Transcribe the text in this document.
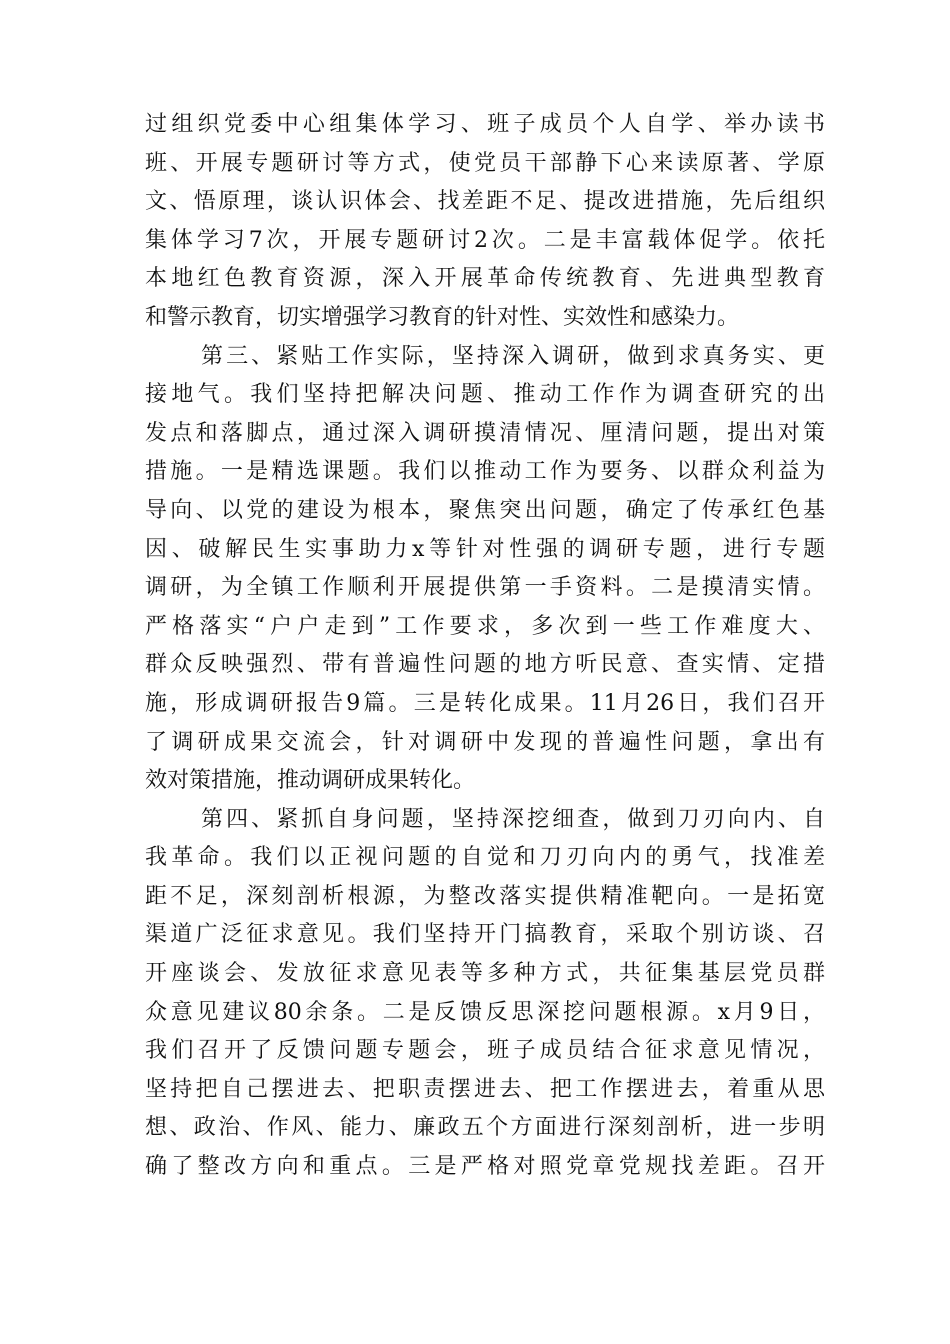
过组织党委中心组集体学习、班子成员个人自学、举办读书
班、开展专题研讨等方式，使党员干部静下心来读原著、学原
文、悟原理，谈认识体会、找差距不足、提改进措施，先后组织
集体学习7次，开展专题研讨2次。二是丰富载体促学。依托
本地红色教育资源，深入开展革命传统教育、先进典型教育
和警示教育，切实增强学习教育的针对性、实效性和感染力。
第三、紧贴工作实际，坚持深入调研，做到求真务实、更
接地气。我们坚持把解决问题、推动工作作为调查研究的出
发点和落脚点，通过深入调研摸清情况、厘清问题，提出对策
措施。一是精选课题。我们以推动工作为要务、以群众利益为
导向、以党的建设为根本，聚焦突出问题，确定了传承红色基
因、破解民生实事助力x等针对性强的调研专题，进行专题
调研，为全镇工作顺利开展提供第一手资料。二是摸清实情。
严格落实“户户走到”工作要求，多次到一些工作难度大、
群众反映强烈、带有普遍性问题的地方听民意、查实情、定措
施，形成调研报告9篇。三是转化成果。11月26日，我们召开
了调研成果交流会，针对调研中发现的普遍性问题，拿出有
效对策措施，推动调研成果转化。
第四、紧抓自身问题，坚持深挖细查，做到刀刃向内、自
我革命。我们以正视问题的自觉和刀刃向内的勇气，找准差
距不足，深刻剖析根源，为整改落实提供精准靶向。一是拓宽
渠道广泛征求意见。我们坚持开门搞教育，采取个别访谈、召
开座谈会、发放征求意见表等多种方式，共征集基层党员群
众意见建议80余条。二是反馈反思深挖问题根源。x月9日，
我们召开了反馈问题专题会，班子成员结合征求意见情况，
坚持把自己摆进去、把职责摆进去、把工作摆进去，着重从思
想、政治、作风、能力、廉政五个方面进行深刻剖析，进一步明
确了整改方向和重点。三是严格对照党章党规找差距。召开
